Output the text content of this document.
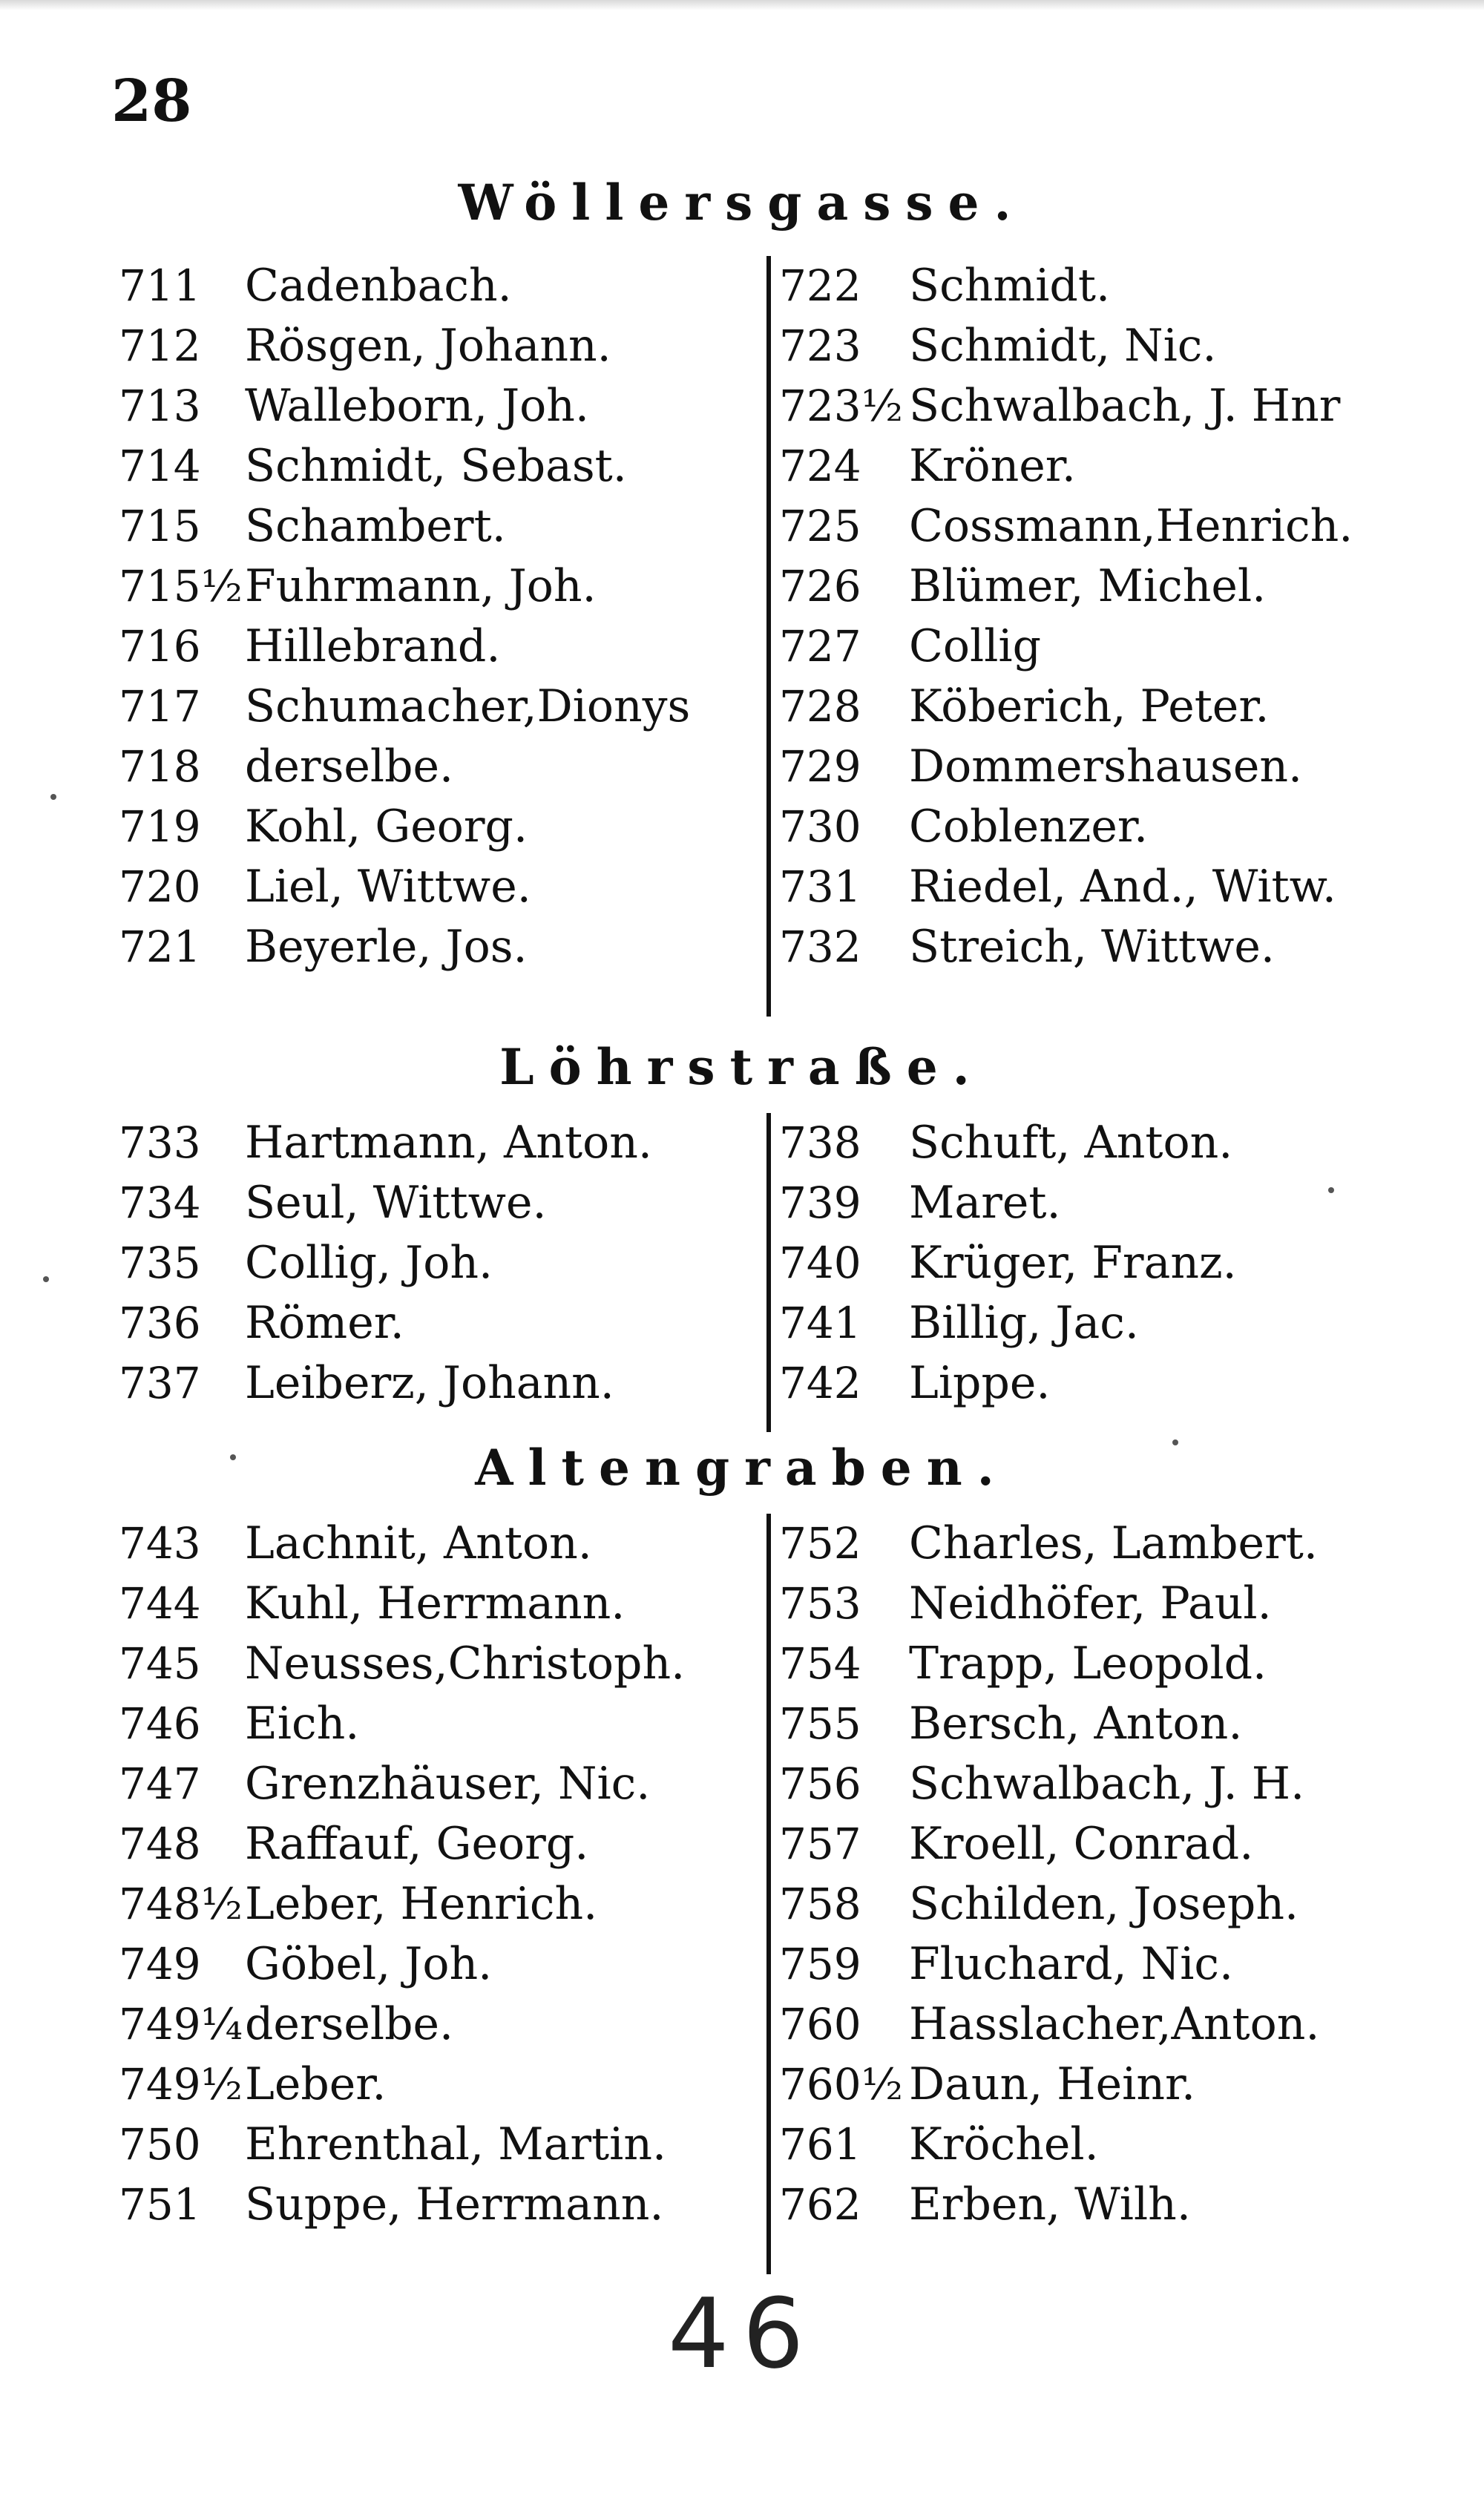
28
Wöllersgasse.
711 Cadenbach.
712 Rösgen, Johann.
713 Walleborn, Joh.
714 Schmidt, Sebast.
715 Schambert.
715½Fuhrmann, Joh.
716 Hillebrand.
717 Schumacher,Dionys
718 derselbe.
719 Kohl, Georg.
720 Liel, Wittwe.
721 Beyerle, Jos.
722 Schmidt.
723 Schmidt, Nic.
723½ Schwalbach, J. Hnr
724 Kröner.
725 Cossmann,Henrich.
726 Blümer, Michel.
727 Collig
728 Köberich, Peter.
729 Dommershausen.
730 Coblenzer.
731 Riedel, And., Witw.
732 Streich, Wittwe.
Löhrstraße.
733 Hartmann, Anton.
734 Seul, Wittwe.
735 Collig, Joh.
736 Römer.
737 Leiberz, Johann.
738 Schuft, Anton.
739 Maret.
740 Krüger, Franz.
741 Billig, Jac.
742 Lippe.
Altengraben.
743 Lachnit, Anton.
744 Kuhl, Herrmann.
745 Neusses,Christoph.
746 Eich.
747 Grenzhäuser, Nic.
748 Raffauf, Georg.
748½Leber, Henrich.
749 Göbel, Joh.
749¼derselbe.
749½Leber.
750 Ehrenthal, Martin.
751 Suppe, Herrmann.
752 Charles, Lambert.
753 Neidhöfer, Paul.
754 Trapp, Leopold.
755 Bersch, Anton.
756 Schwalbach, J. H.
757 Kroell, Conrad.
758 Schilden, Joseph.
759 Fluchard, Nic.
760 Hasslacher,Anton.
760½ Daun, Heinr.
761 Kröchel.
762 Erben, Wilh.
46
